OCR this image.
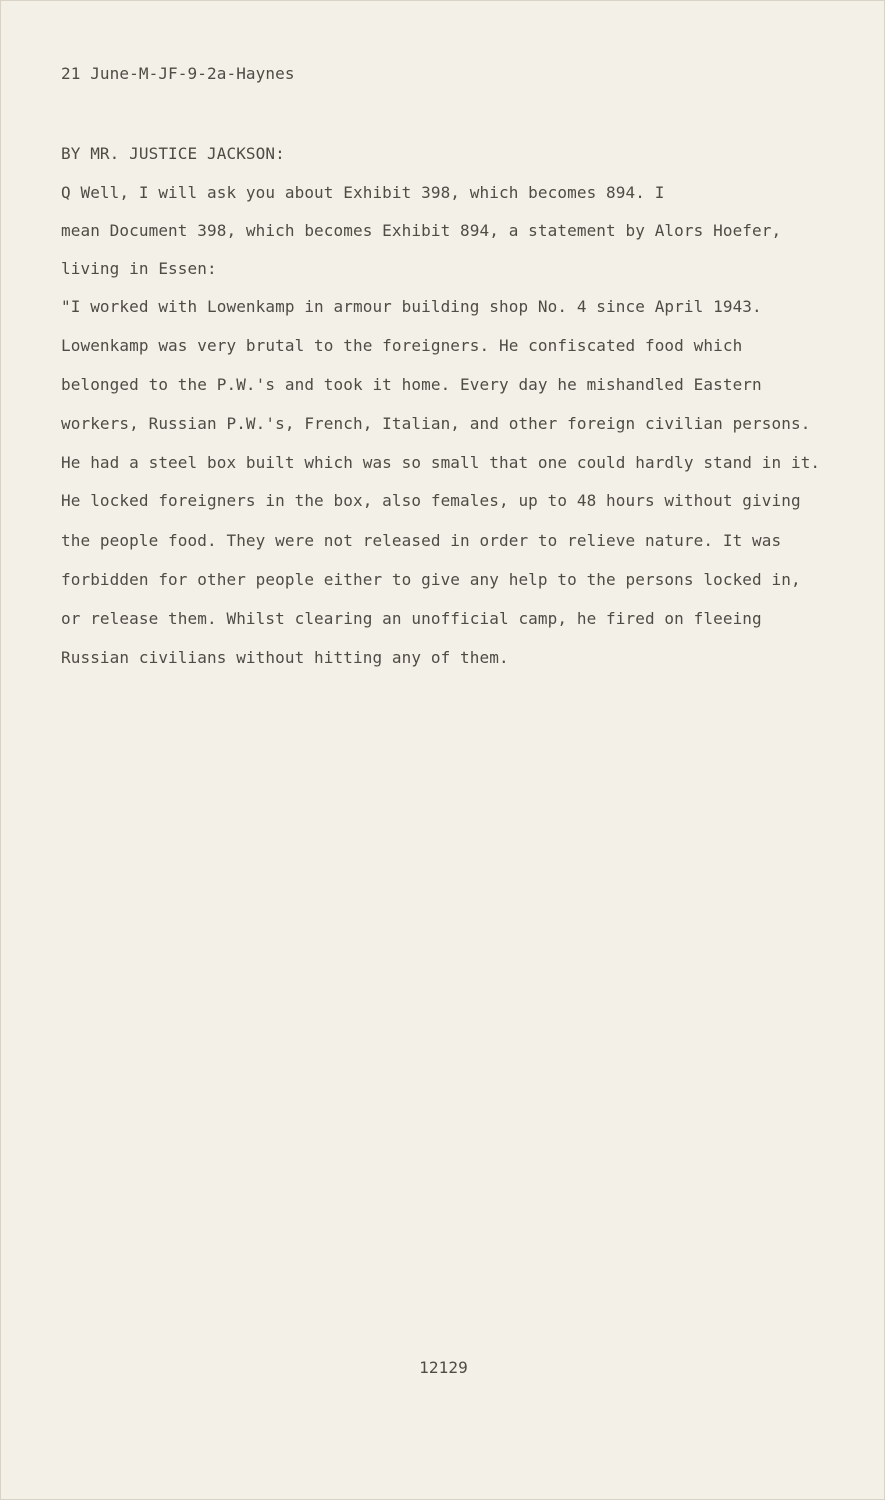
21 June-M-JF-9-2a-Haynes
BY MR. JUSTICE JACKSON:
Q Well, I will ask you about Exhibit 398, which becomes 894. I
mean Document 398, which becomes Exhibit 894, a statement by Alors Hoefer,
living in Essen:
"I worked with Lowenkamp in armour building shop No. 4 since April 1943.
Lowenkamp was very brutal to the foreigners. He confiscated food which
belonged to the P.W.'s and took it home. Every day he mishandled Eastern
workers, Russian P.W.'s, French, Italian, and other foreign civilian persons.
He had a steel box built which was so small that one could hardly stand in it.
He locked foreigners in the box, also females, up to 48 hours without giving
the people food. They were not released in order to relieve nature. It was
forbidden for other people either to give any help to the persons locked in,
or release them. Whilst clearing an unofficial camp, he fired on fleeing
Russian civilians without hitting any of them.
12129
